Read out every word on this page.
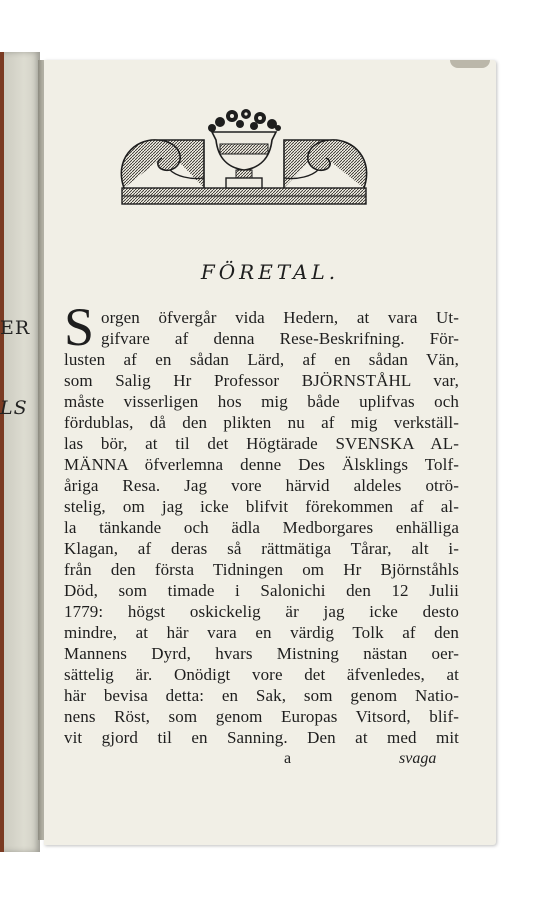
ER
LS
FÖRETAL.
S orgen öfvergår vida Hedern, at vara Ut-
gifvare af denna Rese-Beskrifning. För-
lusten af en sådan Lärd, af en sådan Vän,
som Salig Hr Professor BJÖRNSTÅHL var,
måste visserligen hos mig både uplifvas och
fördublas, då den plikten nu af mig verkställ-
las bör, at til det Högtärade SVENSKA AL-
MÄNNA öfverlemna denne Des Älsklings Tolf-
åriga Resa. Jag vore härvid aldeles otrö-
stelig, om jag icke blifvit förekommen af al-
la tänkande och ädla Medborgares enhälliga
Klagan, af deras så rättmätiga Tårar, alt i-
från den första Tidningen om Hr Björnståhls
Död, som timade i Salonichi den 12 Julii
1779: högst oskickelig är jag icke desto
mindre, at här vara en värdig Tolk af den
Mannens Dyrd, hvars Mistning nästan oer-
sättelig är. Onödigt vore det äfvenledes, at
här bevisa detta: en Sak, som genom Natio-
nens Röst, som genom Europas Vitsord, blif-
vit gjord til en Sanning. Den at med mit
a	svaga
